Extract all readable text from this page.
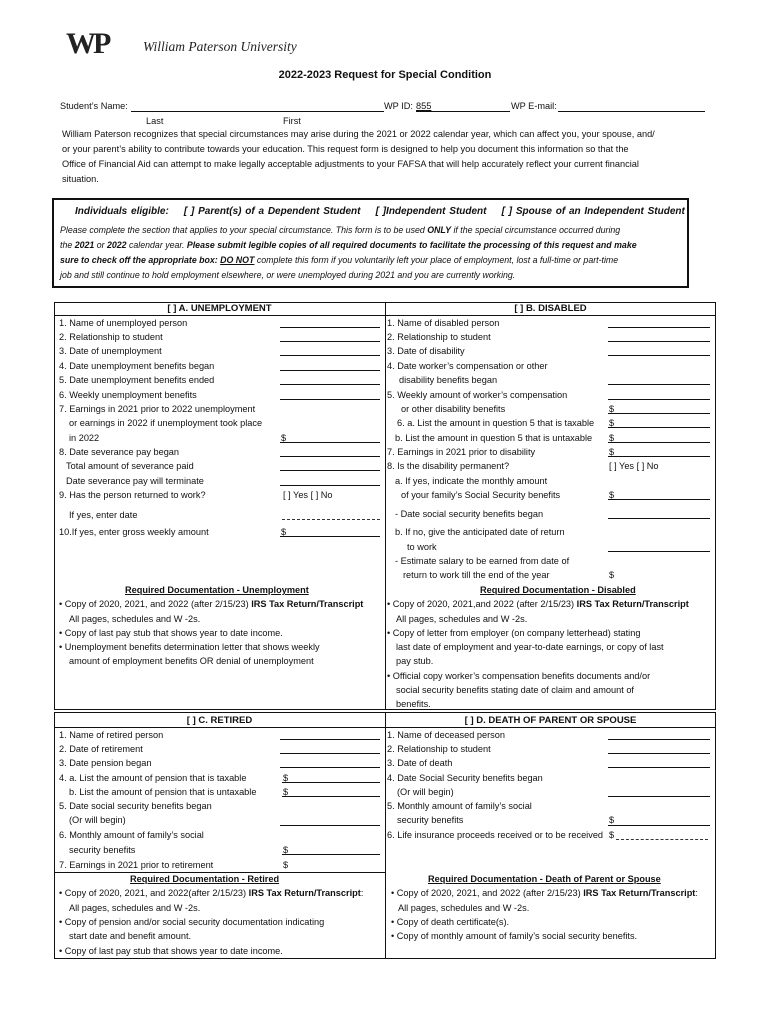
WP	William Paterson University
2022-2023 Request for Special Condition
Student’s Name:	WP ID: 855	WP E-mail:
Last	First
William Paterson recognizes that special circumstances may arise during the 2021 or 2022 calendar year, which can affect you, your spouse, and/
or your parent’s ability to contribute towards your education. This request form is designed to help you document this information so that the
Office of Financial Aid can attempt to make legally acceptable adjustments to your FAFSA that will help accurately reflect your current financial
situation.
Individuals eligible: [ ] Parent(s) of a Dependent Student [ ]Independent Student [ ] Spouse of an Independent Student
Please complete the section that applies to your special circumstance. This form is to be used ONLY if the special circumstance occurred during
the 2021 or 2022 calendar year. Please submit legible copies of all required documents to facilitate the processing of this request and make
sure to check off the appropriate box: DO NOT complete this form if you voluntarily left your place of employment, lost a full-time or part-time
job and still continue to hold employment elsewhere, or were unemployed during 2021 and you are currently working.
[ ] A. UNEMPLOYMENT	[ ] B. DISABLED
1. Name of unemployed person
2. Relationship to student
3. Date of unemployment
4. Date unemployment benefits began
5. Date unemployment benefits ended
6. Weekly unemployment benefits
7. Earnings in 2021 prior to 2022 unemployment
or earnings in 2022 if unemployment took place
in 2022	$
8. Date severance pay began
Total amount of severance paid
Date severance pay will terminate
9. Has the person returned to work?	[ ] Yes [ ] No
If yes, enter date
10.If yes, enter gross weekly amount	$
Required Documentation - Unemployment
• Copy of 2020, 2021, and 2022 (after 2/15/23) IRS Tax Return/Transcript
All pages, schedules and W -2s.
• Copy of last pay stub that shows year to date income.
• Unemployment benefits determination letter that shows weekly
amount of employment benefits OR denial of unemployment
1. Name of disabled person
2. Relationship to student
3. Date of disability
4. Date worker’s compensation or other
disability benefits began
5. Weekly amount of worker’s compensation
or other disability benefits	$
6. a. List the amount in question 5 that is taxable $
b. List the amount in question 5 that is untaxable $
7. Earnings in 2021 prior to disability	$
8. Is the disability permanent?	[ ] Yes [ ] No
a. If yes, indicate the monthly amount
of your family’s Social Security benefits	$
- Date social security benefits began
b. If no, give the anticipated date of return
to work
- Estimate salary to be earned from date of
return to work till the end of the year	$
Required Documentation - Disabled
• Copy of 2020, 2021,and 2022 (after 2/15/23) IRS Tax Return/Transcript
All pages, schedules and W -2s.
• Copy of letter from employer (on company letterhead) stating
last date of employment and year-to-date earnings, or copy of last
pay stub.
• Official copy worker’s compensation benefits documents and/or
social security benefits stating date of claim and amount of
benefits.
[ ] C. RETIRED	[ ] D. DEATH OF PARENT OR SPOUSE
1. Name of retired person
2. Date of retirement
3. Date pension began
4. a. List the amount of pension that is taxable	$
b. List the amount of pension that is untaxable	$
5. Date social security benefits began
(Or will begin)
6. Monthly amount of family’s social
security benefits	$
7. Earnings in 2021 prior to retirement	$
Required Documentation - Retired
• Copy of 2020, 2021, and 2022(after 2/15/23) IRS Tax Return/Transcript:
All pages, schedules and W -2s.
• Copy of pension and/or social security documentation indicating
start date and benefit amount.
• Copy of last pay stub that shows year to date income.
1. Name of deceased person
2. Relationship to student
3. Date of death
4. Date Social Security benefits began
(Or will begin)
5. Monthly amount of family’s social
security benefits	$
6. Life insurance proceeds received or to be received $
Required Documentation - Death of Parent or Spouse
• Copy of 2020, 2021, and 2022 (after 2/15/23) IRS Tax Return/Transcript:
All pages, schedules and W -2s.
• Copy of death certificate(s).
• Copy of monthly amount of family’s social security benefits.
